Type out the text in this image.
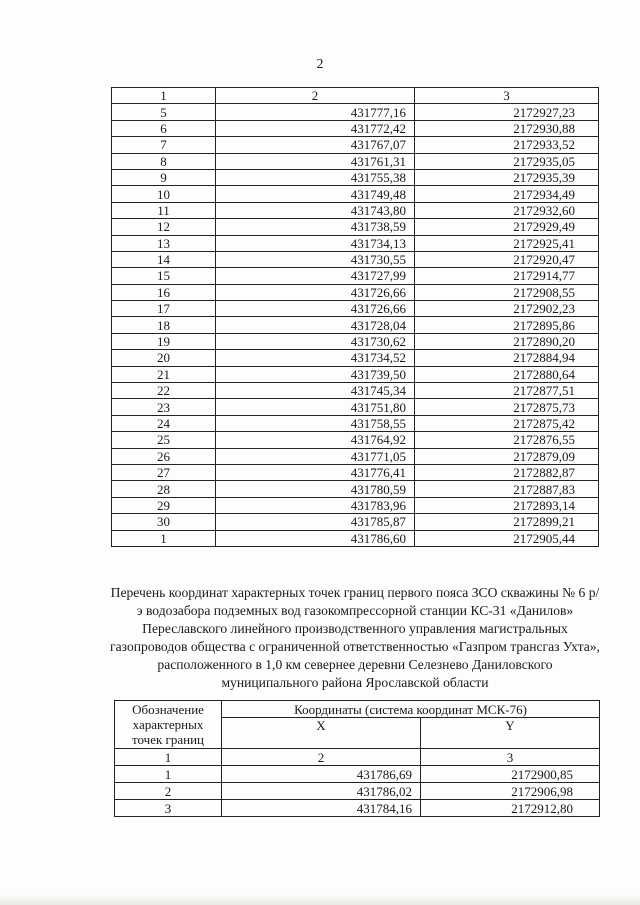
2
1	2	3
5	431777,16	2172927,23
6	431772,42	2172930,88
7	431767,07	2172933,52
8	431761,31	2172935,05
9	431755,38	2172935,39
10	431749,48	2172934,49
11	431743,80	2172932,60
12	431738,59	2172929,49
13	431734,13	2172925,41
14	431730,55	2172920,47
15	431727,99	2172914,77
16	431726,66	2172908,55
17	431726,66	2172902,23
18	431728,04	2172895,86
19	431730,62	2172890,20
20	431734,52	2172884,94
21	431739,50	2172880,64
22	431745,34	2172877,51
23	431751,80	2172875,73
24	431758,55	2172875,42
25	431764,92	2172876,55
26	431771,05	2172879,09
27	431776,41	2172882,87
28	431780,59	2172887,83
29	431783,96	2172893,14
30	431785,87	2172899,21
1	431786,60	2172905,44
Перечень координат характерных точек границ первого пояса ЗСО скважины № 6 р/э водозабора подземных вод газокомпрессорной станции КС-31 «Данилов» Переславского линейного производственного управления магистральных газопроводов общества с ограниченной ответственностью «Газпром трансгаз Ухта», расположенного в 1,0 км севернее деревни Селезнево Даниловского муниципального района Ярославской области
Обозначение характерных точек границ	Координаты (система координат МСК-76)	
	X	Y
1	2	3
1	431786,69	2172900,85
2	431786,02	2172906,98
3	431784,16	2172912,80
